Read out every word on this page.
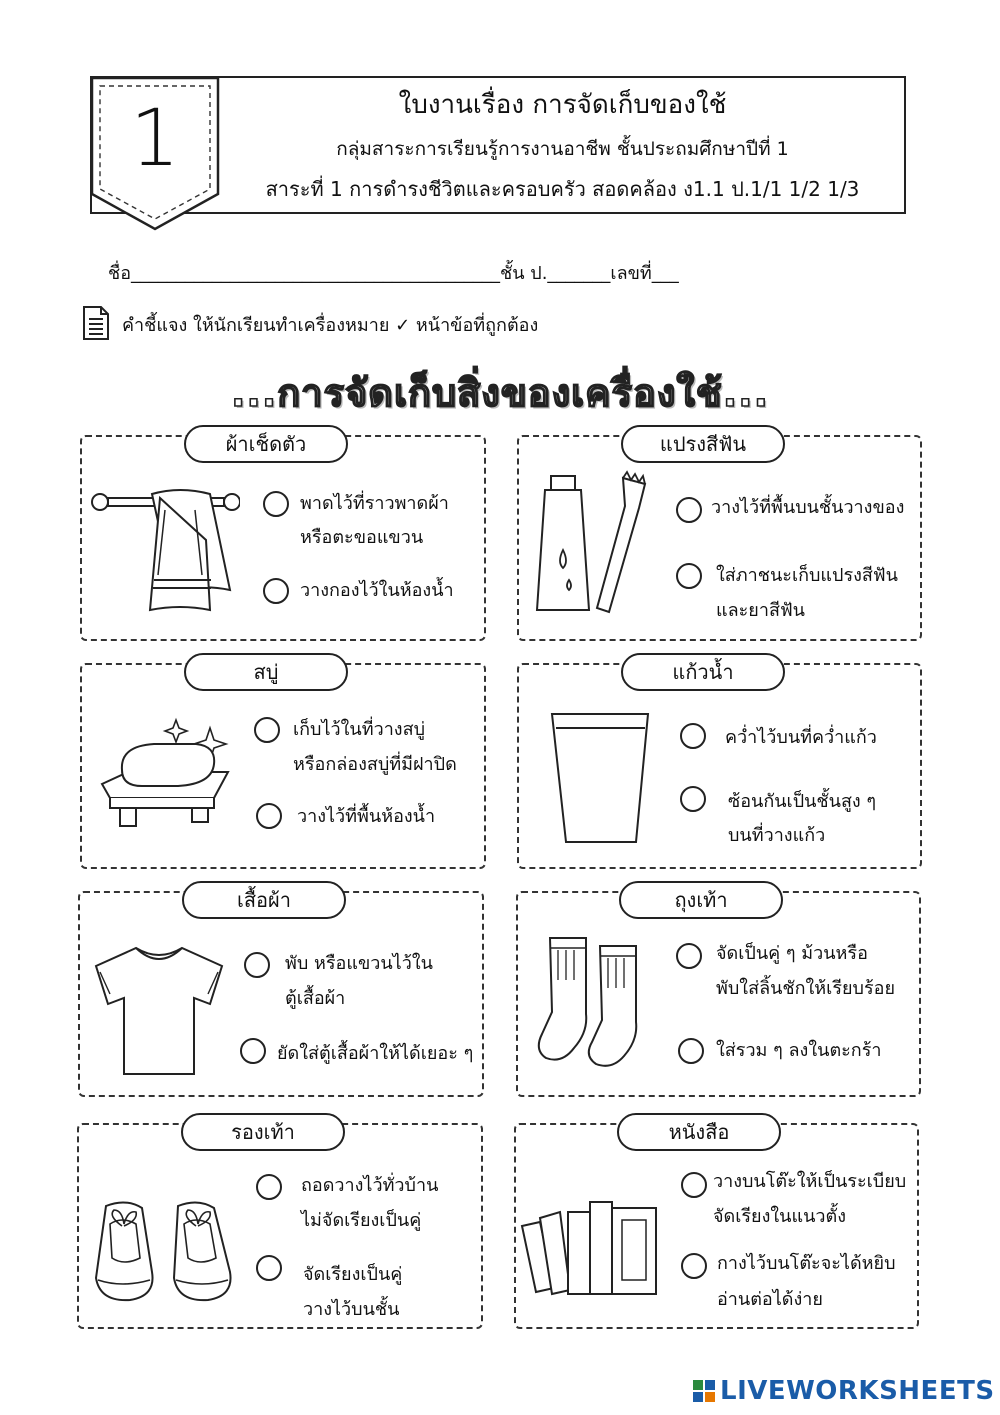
1	ใบงานเรื่อง การจัดเก็บของใช้
กลุ่มสาระการเรียนรู้การงานอาชีพ ชั้นประถมศึกษาปีที่ 1
สาระที่ 1 การดำรงชีวิตและครอบครัว สอดคล้อง ง1.1 ป.1/1 1/2 1/3
ชื่อ_________________________________________ชั้น ป._______เลขที่___
คำชี้แจง ให้นักเรียนทำเครื่องหมาย ✓ หน้าข้อที่ถูกต้อง
...การจัดเก็บสิ่งของเครื่องใช้...
ผ้าเช็ดตัว
พาดไว้ที่ราวพาดผ้า
หรือตะขอแขวน
วางกองไว้ในห้องน้ำ
แปรงสีฟัน
วางไว้ที่พื้นบนชั้นวางของ
ใส่ภาชนะเก็บแปรงสีฟัน
และยาสีฟัน
สบู่
เก็บไว้ในที่วางสบู่
หรือกล่องสบู่ที่มีฝาปิด
วางไว้ที่พื้นห้องน้ำ
แก้วน้ำ
คว่ำไว้บนที่คว่ำแก้ว
ซ้อนกันเป็นชั้นสูง ๆ
บนที่วางแก้ว
เสื้อผ้า
พับ หรือแขวนไว้ใน
ตู้เสื้อผ้า
ยัดใส่ตู้เสื้อผ้าให้ได้เยอะ ๆ
ถุงเท้า
จัดเป็นคู่ ๆ ม้วนหรือ
พับใส่ลิ้นชักให้เรียบร้อย
ใส่รวม ๆ ลงในตะกร้า
รองเท้า
ถอดวางไว้ทั่วบ้าน
ไม่จัดเรียงเป็นคู่
จัดเรียงเป็นคู่
วางไว้บนชั้น
หนังสือ
วางบนโต๊ะให้เป็นระเบียบ
จัดเรียงในแนวตั้ง
กางไว้บนโต๊ะจะได้หยิบ
อ่านต่อได้ง่าย
LIVEWORKSHEETS
